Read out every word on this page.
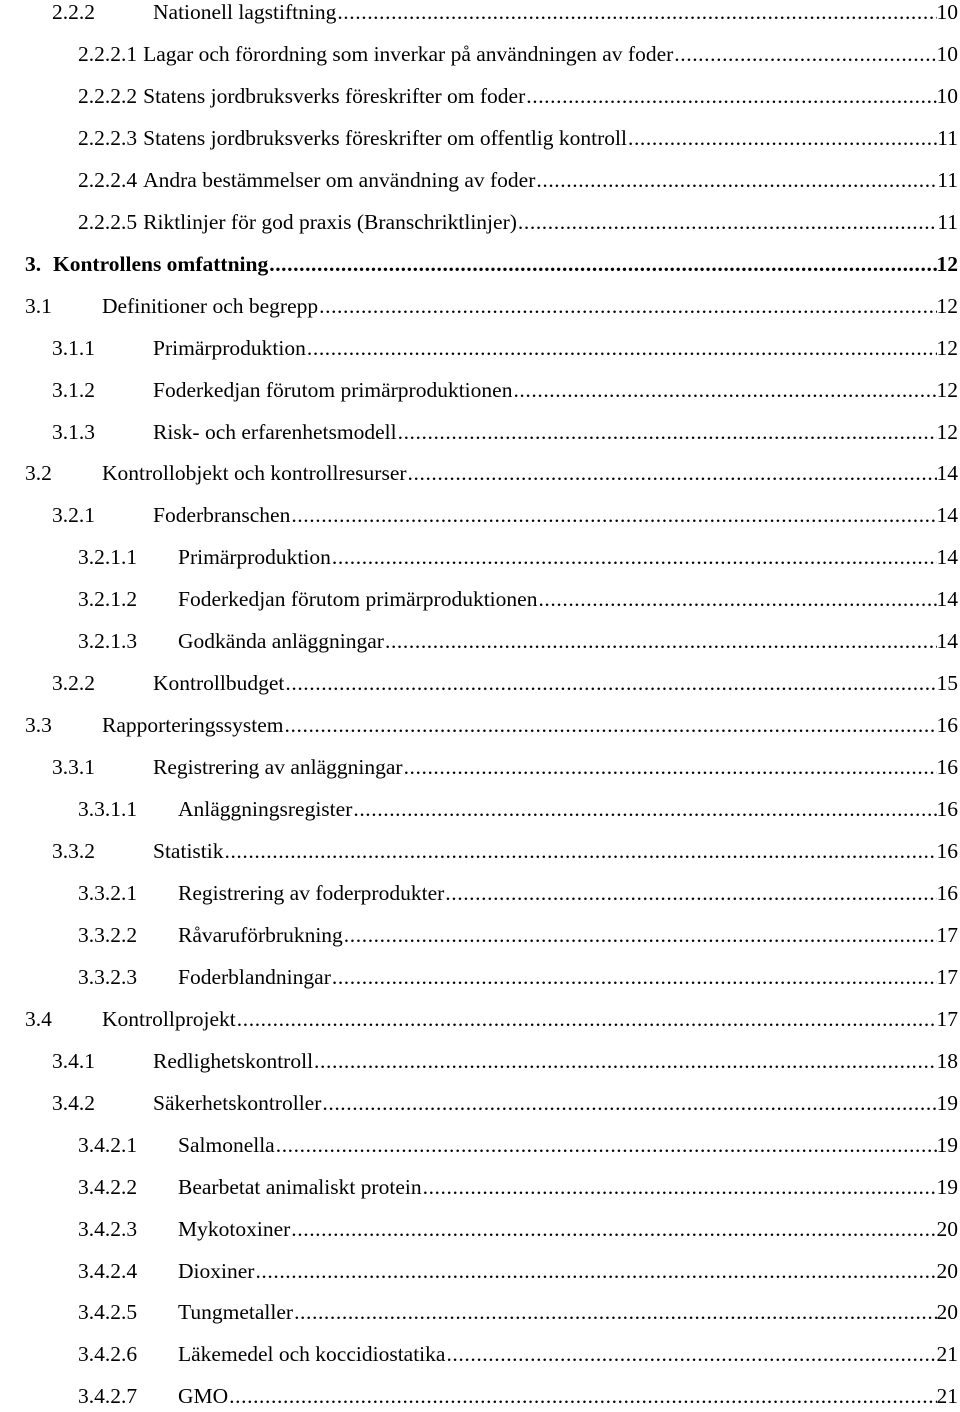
2.2.2	Nationell lagstiftning .....	10
2.2.2.1 Lagar och förordning som inverkar på användningen av foder .....	10
2.2.2.2 Statens jordbruksverks föreskrifter om foder .....	10
2.2.2.3 Statens jordbruksverks föreskrifter om offentlig kontroll .....	11
2.2.2.4 Andra bestämmelser om användning av foder .....	11
2.2.2.5 Riktlinjer för god praxis (Branschriktlinjer) .....	11
3. Kontrollens omfattning .....	12
3.1	Definitioner och begrepp .....	12
3.1.1	Primärproduktion .....	12
3.1.2	Foderkedjan förutom primärproduktionen .....	12
3.1.3	Risk- och erfarenhetsmodell .....	12
3.2	Kontrollobjekt och kontrollresurser .....	14
3.2.1	Foderbranschen .....	14
3.2.1.1	Primärproduktion .....	14
3.2.1.2	Foderkedjan förutom primärproduktionen .....	14
3.2.1.3	Godkända anläggningar .....	14
3.2.2	Kontrollbudget .....	15
3.3	Rapporteringssystem .....	16
3.3.1	Registrering av anläggningar .....	16
3.3.1.1	Anläggningsregister .....	16
3.3.2	Statistik .....	16
3.3.2.1	Registrering av foderprodukter .....	16
3.3.2.2	Råvaruförbrukning .....	17
3.3.2.3	Foderblandningar .....	17
3.4	Kontrollprojekt .....	17
3.4.1	Redlighetskontroll .....	18
3.4.2	Säkerhetskontroller .....	19
3.4.2.1	Salmonella .....	19
3.4.2.2	Bearbetat animaliskt protein .....	19
3.4.2.3	Mykotoxiner .....	20
3.4.2.4	Dioxiner .....	20
3.4.2.5	Tungmetaller .....	20
3.4.2.6	Läkemedel och koccidiostatika .....	21
3.4.2.7	GMO .....	21
